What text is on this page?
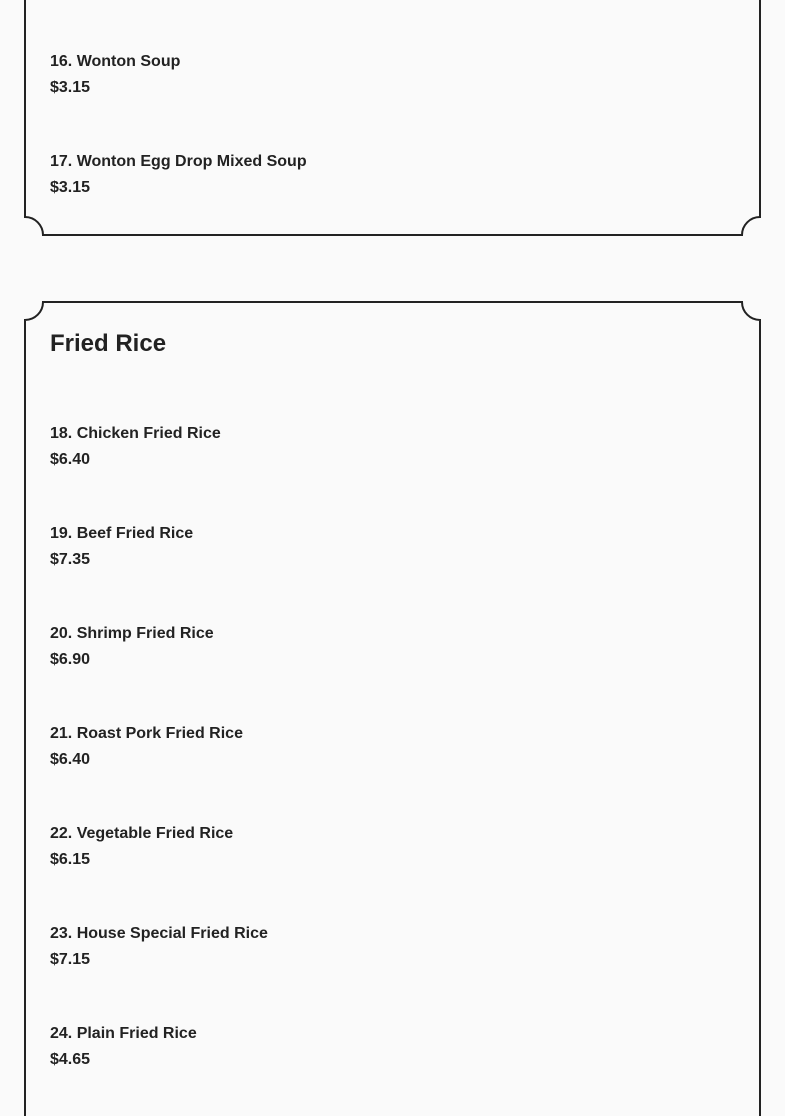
16. Wonton Soup
$3.15
17. Wonton Egg Drop Mixed Soup
$3.15
Fried Rice
18. Chicken Fried Rice
$6.40
19. Beef Fried Rice
$7.35
20. Shrimp Fried Rice
$6.90
21. Roast Pork Fried Rice
$6.40
22. Vegetable Fried Rice
$6.15
23. House Special Fried Rice
$7.15
24. Plain Fried Rice
$4.65
